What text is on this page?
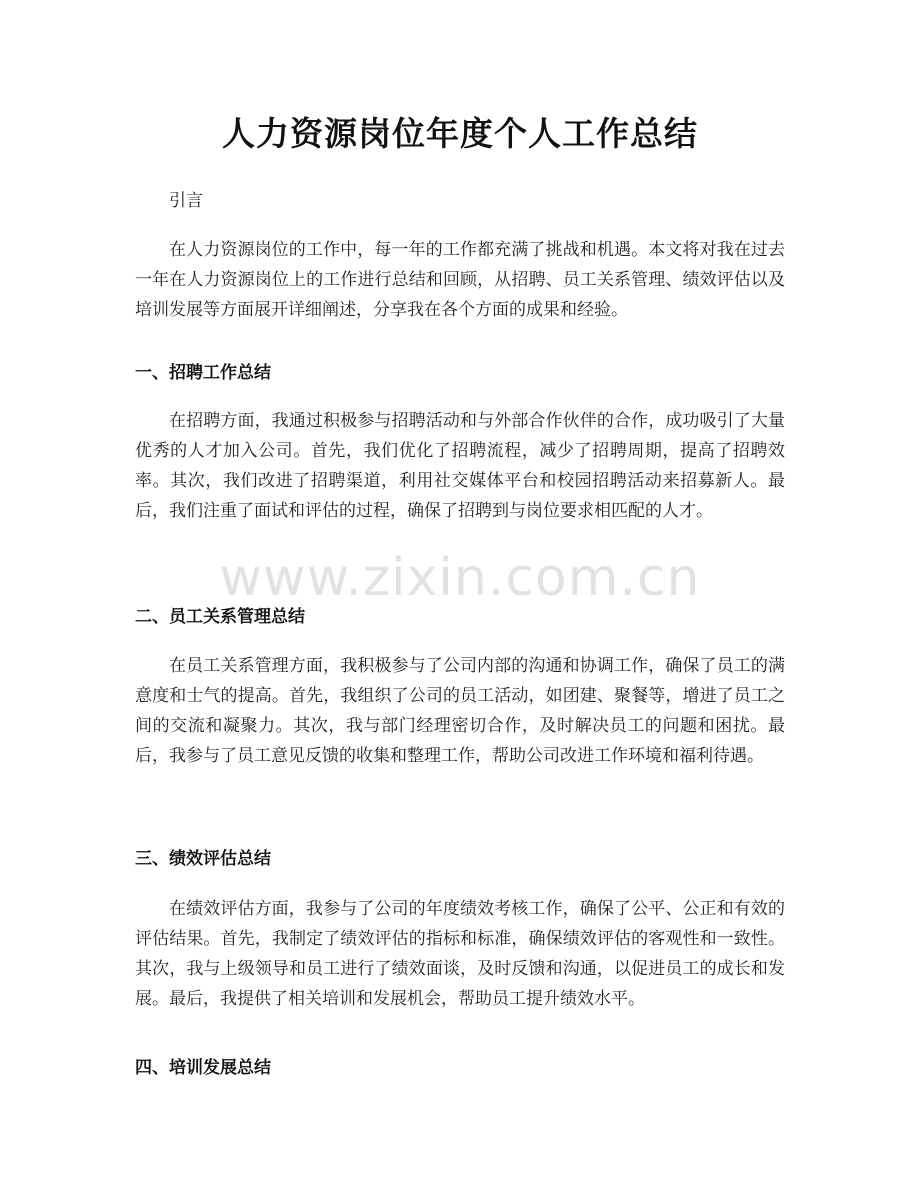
人力资源岗位年度个人工作总结

引言

在人力资源岗位的工作中，每一年的工作都充满了挑战和机遇。本文将对我在过去一年在人力资源岗位上的工作进行总结和回顾，从招聘、员工关系管理、绩效评估以及培训发展等方面展开详细阐述，分享我在各个方面的成果和经验。

一、招聘工作总结

在招聘方面，我通过积极参与招聘活动和与外部合作伙伴的合作，成功吸引了大量优秀的人才加入公司。首先，我们优化了招聘流程，减少了招聘周期，提高了招聘效率。其次，我们改进了招聘渠道，利用社交媒体平台和校园招聘活动来招募新人。最后，我们注重了面试和评估的过程，确保了招聘到与岗位要求相匹配的人才。

二、员工关系管理总结

在员工关系管理方面，我积极参与了公司内部的沟通和协调工作，确保了员工的满意度和士气的提高。首先，我组织了公司的员工活动，如团建、聚餐等，增进了员工之间的交流和凝聚力。其次，我与部门经理密切合作，及时解决员工的问题和困扰。最后，我参与了员工意见反馈的收集和整理工作，帮助公司改进工作环境和福利待遇。

三、绩效评估总结

在绩效评估方面，我参与了公司的年度绩效考核工作，确保了公平、公正和有效的评估结果。首先，我制定了绩效评估的指标和标准，确保绩效评估的客观性和一致性。其次，我与上级领导和员工进行了绩效面谈，及时反馈和沟通，以促进员工的成长和发展。最后，我提供了相关培训和发展机会，帮助员工提升绩效水平。

四、培训发展总结

www.zixin.com.cn
